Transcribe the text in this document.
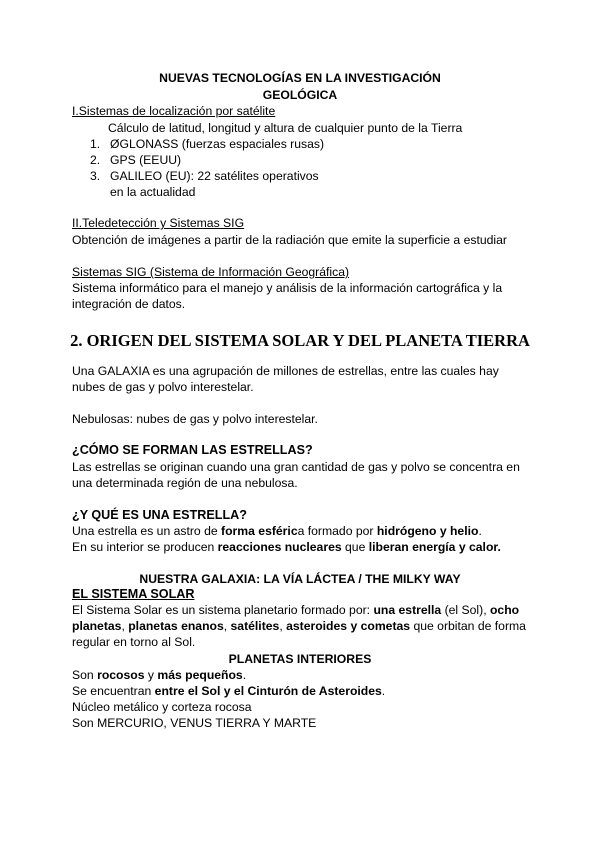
NUEVAS TECNOLOGÍAS EN LA INVESTIGACIÓN
GEOLÓGICA
I.Sistemas de localización por satélite
Cálculo de latitud, longitud y altura de cualquier punto de la Tierra
1. ØGLONASS (fuerzas espaciales rusas)
2. GPS (EEUU)
3. GALILEO (EU): 22 satélites operativos
en la actualidad
II.Teledetección y Sistemas SIG
Obtención de imágenes a partir de la radiación que emite la superficie a estudiar
Sistemas SIG (Sistema de Información Geográfica)
Sistema informático para el manejo y análisis de la información cartográfica y la
integración de datos.
2. ORIGEN DEL SISTEMA SOLAR Y DEL PLANETA TIERRA
Una GALAXIA es una agrupación de millones de estrellas, entre las cuales hay
nubes de gas y polvo interestelar.
Nebulosas: nubes de gas y polvo interestelar.
¿CÓMO SE FORMAN LAS ESTRELLAS?
Las estrellas se originan cuando una gran cantidad de gas y polvo se concentra en
una determinada región de una nebulosa.
¿Y QUÉ ES UNA ESTRELLA?
Una estrella es un astro de forma esférica formado por hidrógeno y helio.
En su interior se producen reacciones nucleares que liberan energía y calor.
NUESTRA GALAXIA: LA VÍA LÁCTEA / THE MILKY WAY
EL SISTEMA SOLAR
El Sistema Solar es un sistema planetario formado por: una estrella (el Sol), ocho
planetas, planetas enanos, satélites, asteroides y cometas que orbitan de forma
regular en torno al Sol.
PLANETAS INTERIORES
Son rocosos y más pequeños.
Se encuentran entre el Sol y el Cinturón de Asteroides.
Núcleo metálico y corteza rocosa
Son MERCURIO, VENUS TIERRA Y MARTE
